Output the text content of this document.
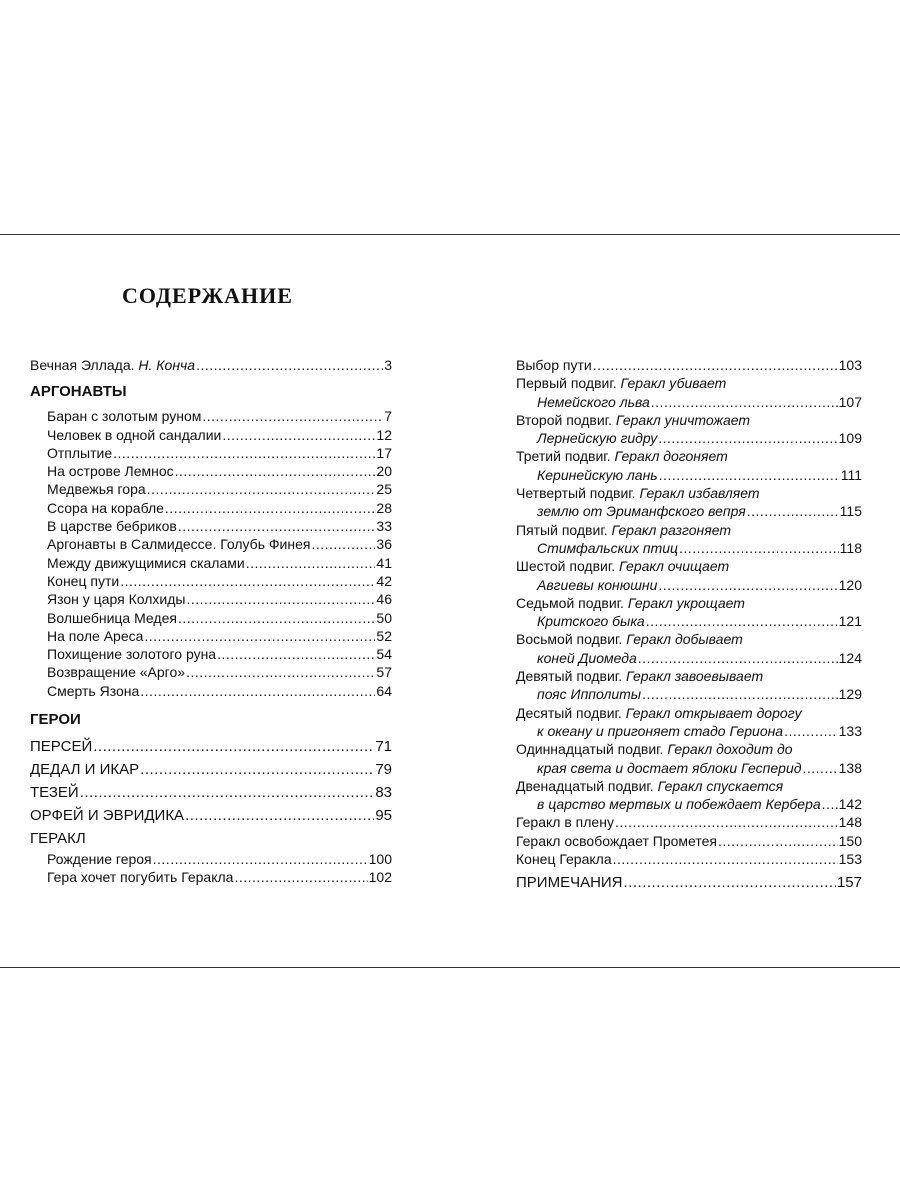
СОДЕРЖАНИЕ
Вечная Эллада. Н. Конча .....	3
АРГОНАВТЫ
Баран с золотым руном .....	7
Человек в одной сандалии .....	12
Отплытие .....	17
На острове Лемнос .....	20
Медвежья гора .....	25
Ссора на корабле .....	28
В царстве бебриков .....	33
Аргонавты в Салмидессе. Голубь Финея .....	36
Между движущимися скалами .....	41
Конец пути .....	42
Язон у царя Колхиды .....	46
Волшебница Медея .....	50
На поле Ареса .....	52
Похищение золотого руна .....	54
Возвращение «Арго» .....	57
Смерть Язона .....	64
ГЕРОИ
ПЕРСЕЙ .....	71
ДЕДАЛ И ИКАР .....	79
ТЕЗЕЙ .....	83
ОРФЕЙ И ЭВРИДИКА .....	95
ГЕРАКЛ
Рождение героя .....	100
Гера хочет погубить Геракла .....	102
Выбор пути .....	103
Первый подвиг. Геракл убивает
Немейского льва .....	107
Второй подвиг. Геракл уничтожает
Лернейскую гидру .....	109
Третий подвиг. Геракл догоняет
Керинейскую лань .....	111
Четвертый подвиг. Геракл избавляет
землю от Эриманфского вепря .....	115
Пятый подвиг. Геракл разгоняет
Стимфальских птиц .....	118
Шестой подвиг. Геракл очищает
Авгиевы конюшни .....	120
Седьмой подвиг. Геракл укрощает
Критского быка .....	121
Восьмой подвиг. Геракл добывает
коней Диомеда .....	124
Девятый подвиг. Геракл завоевывает
пояс Ипполиты .....	129
Десятый подвиг. Геракл открывает дорогу
к океану и пригоняет стадо Гериона .....	133
Одиннадцатый подвиг. Геракл доходит до
края света и достает яблоки Гесперид .....	138
Двенадцатый подвиг. Геракл спускается
в царство мертвых и побеждает Кербера ..... 142
Геракл в плену .....	148
Геракл освобождает Прометея .....	150
Конец Геракла .....	153
ПРИМЕЧАНИЯ .....	157
